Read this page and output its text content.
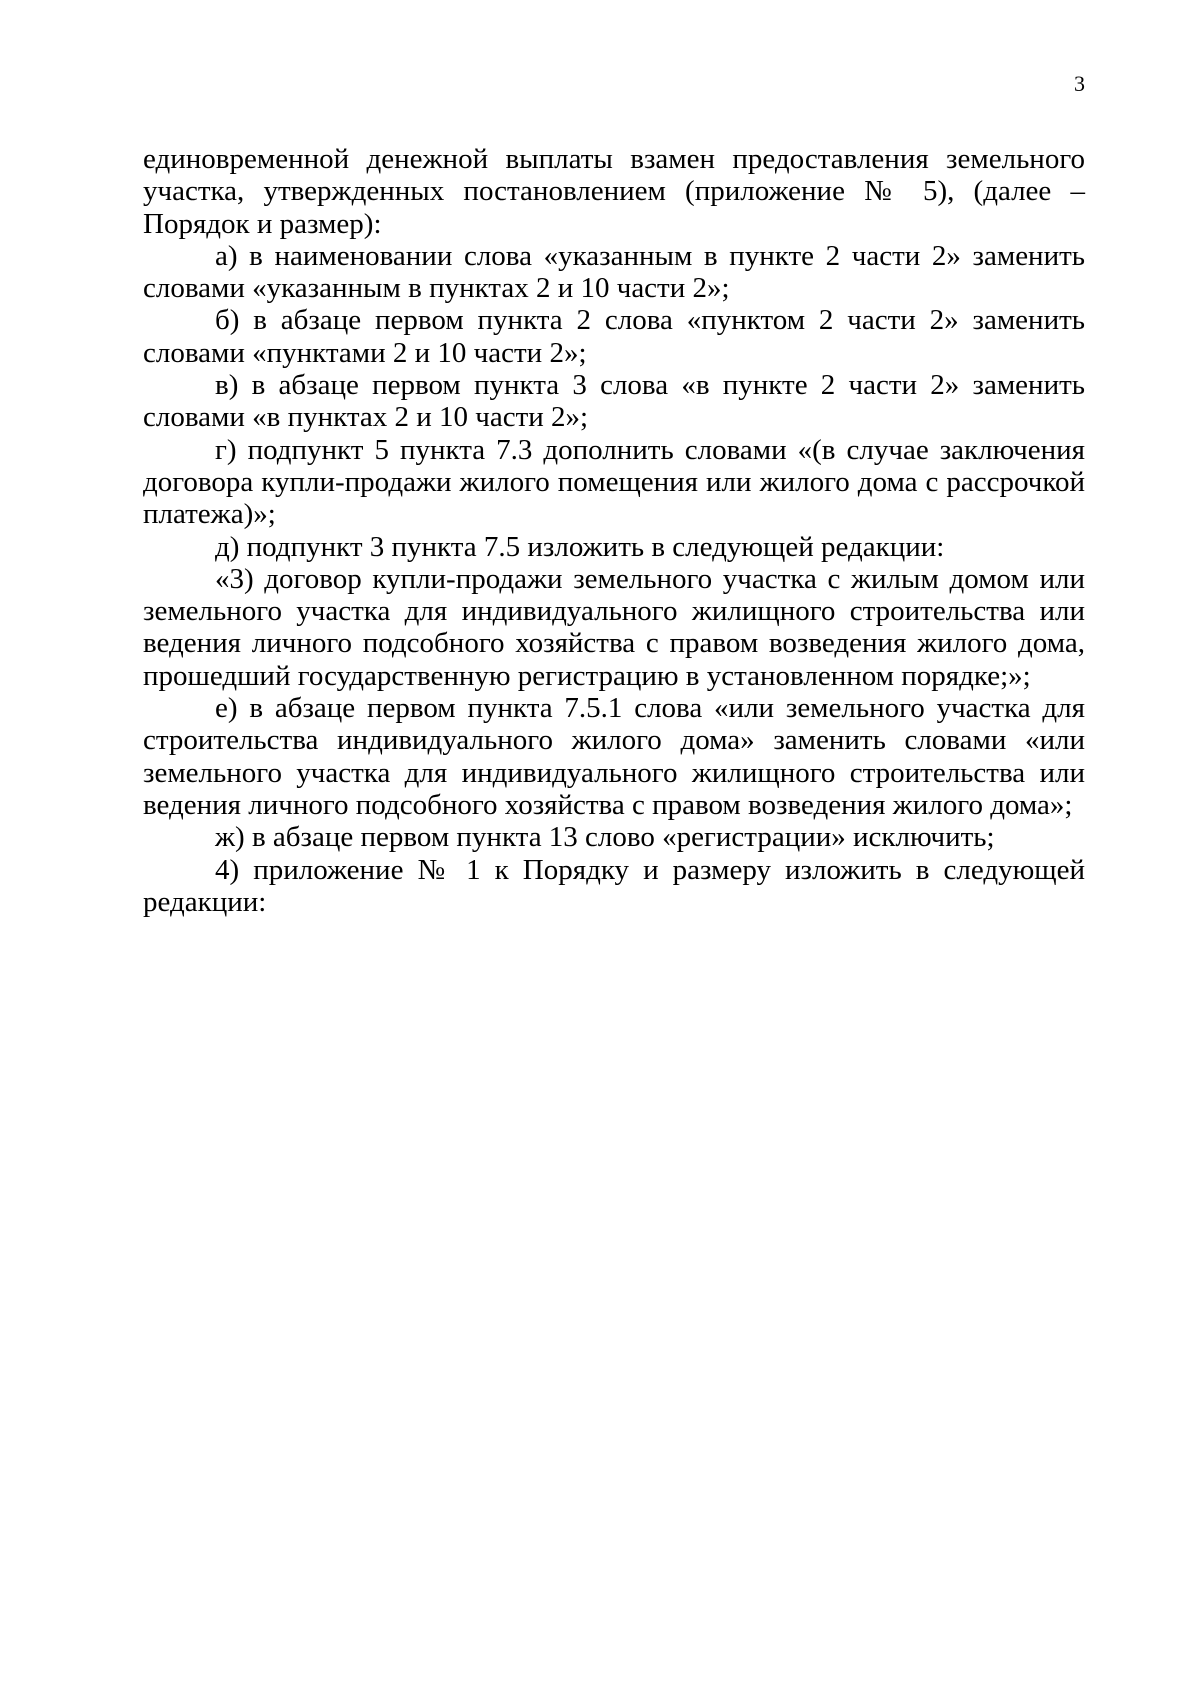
3

единовременной денежной выплаты взамен предоставления земельного участка, утвержденных постановлением (приложение № 5), (далее – Порядок и размер):

а) в наименовании слова «указанным в пункте 2 части 2» заменить словами «указанным в пунктах 2 и 10 части 2»;

б) в абзаце первом пункта 2 слова «пунктом 2 части 2» заменить словами «пунктами 2 и 10 части 2»;

в) в абзаце первом пункта 3 слова «в пункте 2 части 2» заменить словами «в пунктах 2 и 10 части 2»;

г) подпункт 5 пункта 7.3 дополнить словами «(в случае заключения договора купли-продажи жилого помещения или жилого дома с рассрочкой платежа)»;

д) подпункт 3 пункта 7.5 изложить в следующей редакции:

«3) договор купли-продажи земельного участка с жилым домом или земельного участка для индивидуального жилищного строительства или ведения личного подсобного хозяйства с правом возведения жилого дома, прошедший государственную регистрацию в установленном порядке;»;

е) в абзаце первом пункта 7.5.1 слова «или земельного участка для строительства индивидуального жилого дома» заменить словами «или земельного участка для индивидуального жилищного строительства или ведения личного подсобного хозяйства с правом возведения жилого дома»;

ж) в абзаце первом пункта 13 слово «регистрации» исключить;

4) приложение № 1 к Порядку и размеру изложить в следующей редакции:
